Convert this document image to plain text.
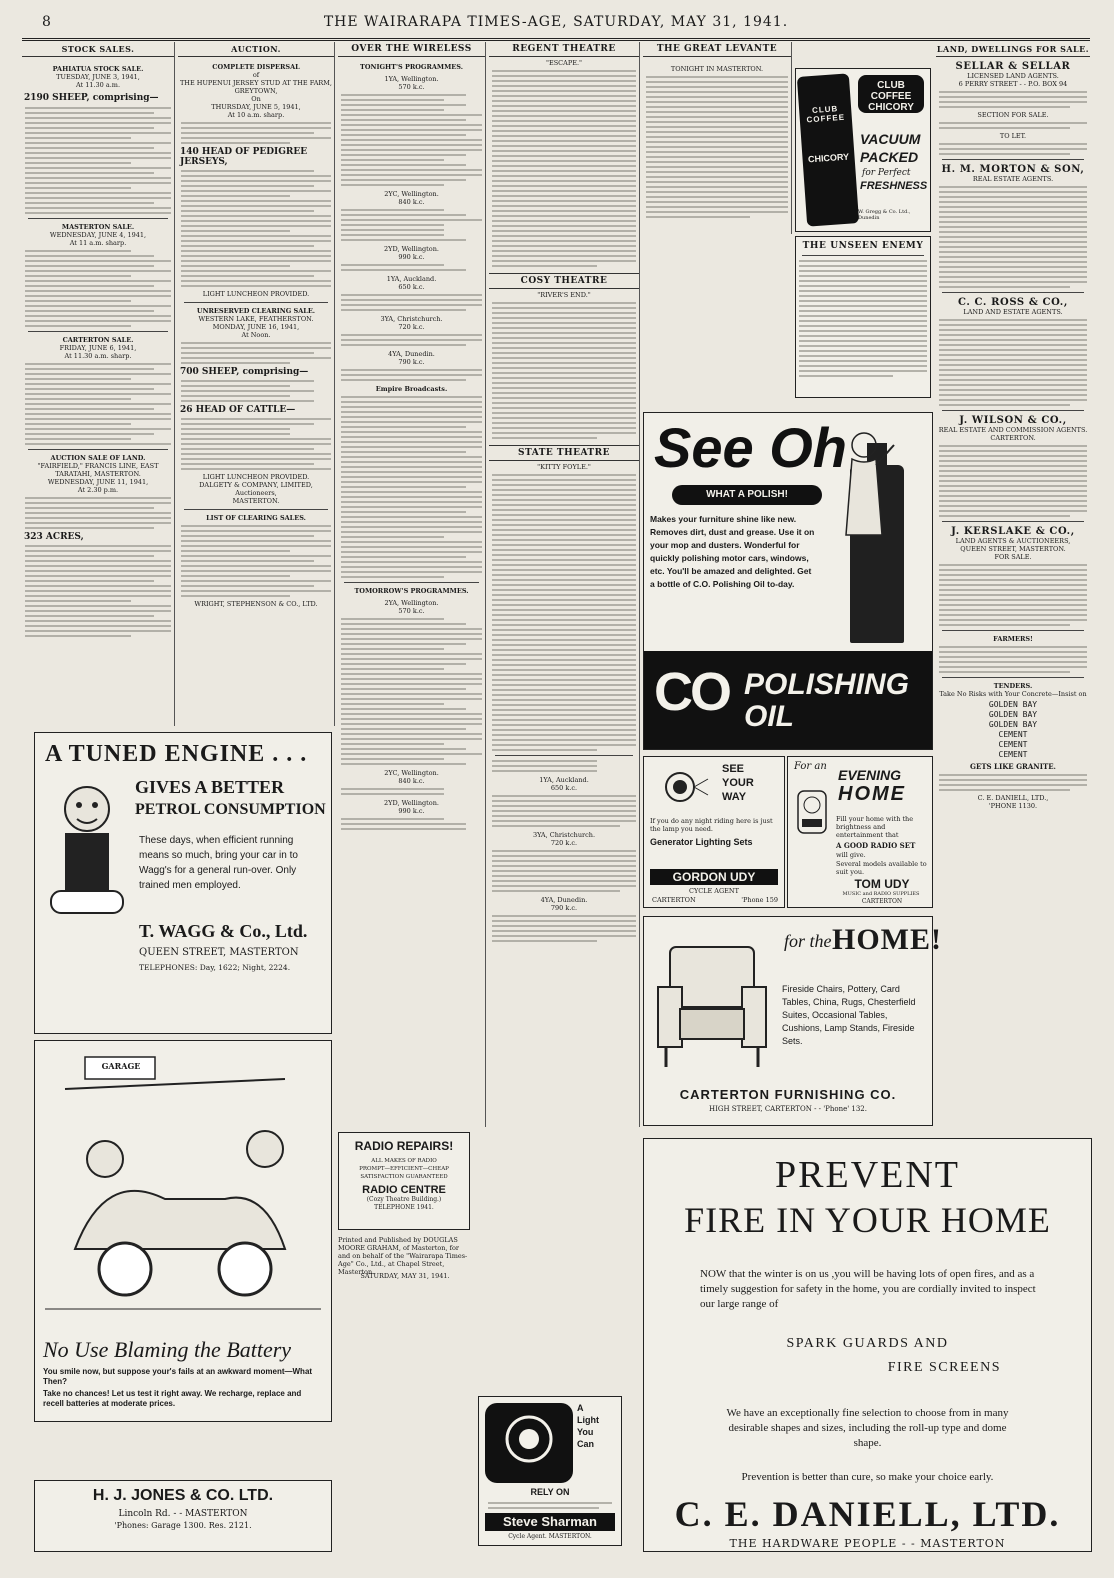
8	THE WAIRARAPA TIMES-AGE, SATURDAY, MAY 31, 1941.
STOCK SALES.
PAHIATUA STOCK SALE.
TUESDAY, JUNE 3, 1941,
At 11.30 a.m.
2190 SHEEP, comprising—
MASTERTON SALE.
WEDNESDAY, JUNE 4, 1941,
At 11 a.m. sharp.
CARTERTON SALE.
FRIDAY, JUNE 6, 1941,
At 11.30 a.m. sharp.
AUCTION SALE OF LAND.
"FAIRFIELD," FRANCIS LINE, EAST TARATAHI, MASTERTON.
WEDNESDAY, JUNE 11, 1941,
At 2.30 p.m.
323 ACRES,
AUCTION.
COMPLETE DISPERSAL
of
THE HUPENUI JERSEY STUD AT THE FARM, GREYTOWN,
On
THURSDAY, JUNE 5, 1941,
At 10 a.m. sharp.
140 HEAD OF PEDIGREE JERSEYS,
LIGHT LUNCHEON PROVIDED.
UNRESERVED CLEARING SALE.
WESTERN LAKE, FEATHERSTON.
MONDAY, JUNE 16, 1941,
At Noon.
700 SHEEP, comprising—
26 HEAD OF CATTLE—
LIGHT LUNCHEON PROVIDED.
DALGETY & COMPANY, LIMITED,
Auctioneers,
MASTERTON.
LIST OF CLEARING SALES.
WRIGHT, STEPHENSON & CO., LTD.
OVER THE WIRELESS
TONIGHT'S PROGRAMMES.
1YA, Wellington.
570 k.c.
2YC, Wellington.
840 k.c.
2YD, Wellington.
990 k.c.
1YA, Auckland.
650 k.c.
3YA, Christchurch.
720 k.c.
4YA, Dunedin.
790 k.c.
Empire Broadcasts.
TOMORROW'S PROGRAMMES.
2YA, Wellington.
570 k.c.
2YC, Wellington.
840 k.c.
2YD, Wellington.
990 k.c.
REGENT THEATRE
"ESCAPE."
COSY THEATRE
"RIVER'S END."
STATE THEATRE
"KITTY FOYLE."
1YA, Auckland.
650 k.c.
3YA, Christchurch.
720 k.c.
4YA, Dunedin.
790 k.c.
THE GREAT LEVANTE
TONIGHT IN MASTERTON.
CLUB COFFEE
CHICORY
CLUB COFFEE
CHICORY
VACUUM
PACKED
for Perfect
FRESHNESS
W. Gregg & Co. Ltd., Dunedin
THE UNSEEN ENEMY
See Oh
WHAT A POLISH!
Makes your furniture shine like new. Removes dirt, dust and grease. Use it on your mop and dusters. Wonderful for quickly polishing motor cars, windows, etc. You'll be amazed and delighted. Get a bottle of C.O. Polishing Oil to-day.
CO POLISHING OIL
SEE
YOUR
WAY
If you do any night riding here is just the lamp you need.
Generator Lighting Sets
GORDON UDY
CYCLE AGENT
CARTERTON	'Phone 159
For an
EVENING
HOME
Fill your home with the brightness and entertainment that
A GOOD RADIO SET
will give.
Several models available to suit you.
TOM UDY
MUSIC and RADIO SUPPLIES
CARTERTON
for the HOME!
Fireside Chairs, Pottery, Card Tables, China, Rugs, Chesterfield Suites, Occasional Tables, Cushions, Lamp Stands, Fireside Sets.
CARTERTON FURNISHING CO.
HIGH STREET, CARTERTON - - 'Phone' 132.
LAND, DWELLINGS FOR SALE.
SELLAR & SELLAR
LICENSED LAND AGENTS.
6 PERRY STREET - - P.O. BOX 94
SECTION FOR SALE.
TO LET.
H. M. MORTON & SON,
REAL ESTATE AGENTS.
C. C. ROSS & CO.,
LAND AND ESTATE AGENTS.
J. WILSON & CO.,
REAL ESTATE AND COMMISSION AGENTS.
CARTERTON.
J. KERSLAKE & CO.,
LAND AGENTS & AUCTIONEERS,
QUEEN STREET, MASTERTON.
FOR SALE.
FARMERS!
TENDERS.
Take No Risks with Your Concrete—Insist on
GOLDEN BAY
GOLDEN BAY
GOLDEN BAY
CEMENT
CEMENT
CEMENT
GETS LIKE GRANITE.
C. E. DANIELL, LTD.,
'PHONE 1130.
A TUNED ENGINE . . .
GIVES A BETTER
PETROL CONSUMPTION
These days, when efficient running means so much, bring your car in to Wagg's for a general run-over. Only trained men employed.
T. WAGG & Co., Ltd.
QUEEN STREET, MASTERTON
TELEPHONES: Day, 1622; Night, 2224.
GARAGE
No Use Blaming the Battery
You smile now, but suppose your's fails at an awkward moment—What Then?
Take no chances! Let us test it right away. We recharge, replace and recell batteries at moderate prices.
H. J. JONES & CO. LTD.
Lincoln Rd. - - MASTERTON
'Phones: Garage 1300. Res. 2121.
RADIO REPAIRS!
ALL MAKES OF RADIO
PROMPT—EFFICIENT—CHEAP
SATISFACTION GUARANTEED
RADIO CENTRE
(Cozy Theatre Building.)
TELEPHONE 1941.
Printed and Published by DOUGLAS MOORE GRAHAM, of Masterton, for and on behalf of the "Wairarapa Times-Age" Co., Ltd., at Chapel Street, Masterton.
SATURDAY, MAY 31, 1941.
A
Light
You
Can
RELY ON
Steve Sharman
Cycle Agent. MASTERTON.
PREVENT
FIRE IN YOUR HOME
NOW that the winter is on us ,you will be having lots of open fires, and as a timely suggestion for safety in the home, you are cordially invited to inspect our large range of
SPARK GUARDS AND
FIRE SCREENS
We have an exceptionally fine selection to choose from in many desirable shapes and sizes, including the roll-up type and dome shape.
Prevention is better than cure, so make your choice early.
C. E. DANIELL, LTD.
THE HARDWARE PEOPLE - - MASTERTON
